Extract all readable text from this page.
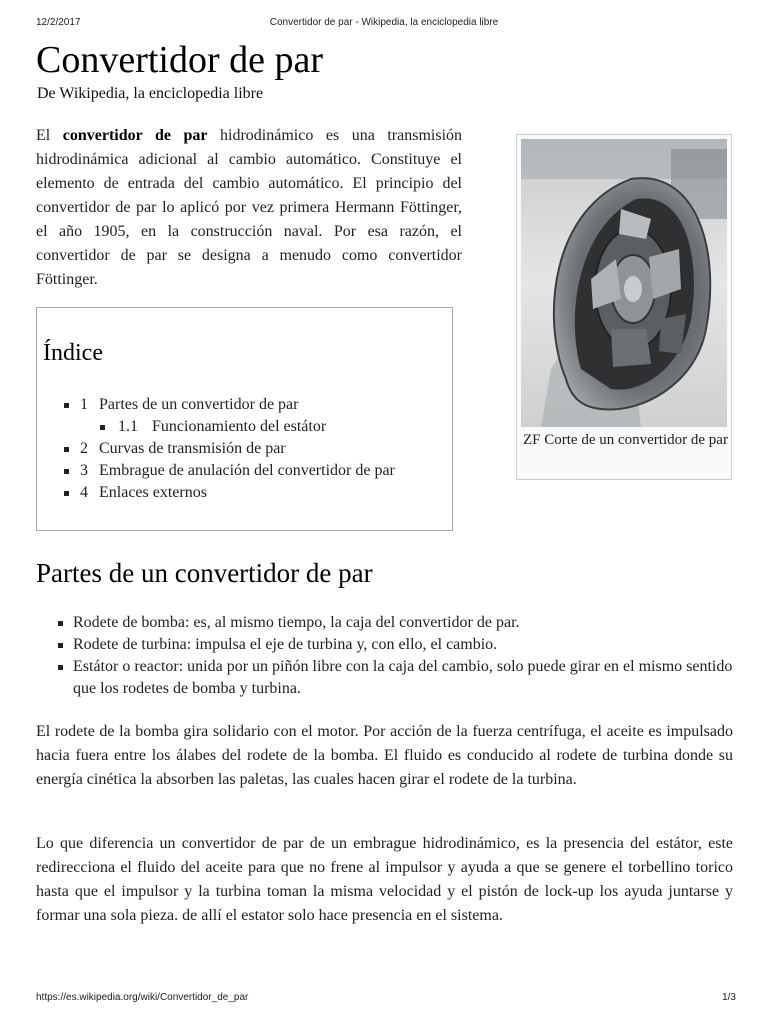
12/2/2017	Convertidor de par - Wikipedia, la enciclopedia libre
Convertidor de par

De Wikipedia, la enciclopedia libre

El convertidor de par hidrodinámico es una transmisión hidrodinámica adicional al cambio automático. Constituye el elemento de entrada del cambio automático. El principio del convertidor de par lo aplicó por vez primera Hermann Föttinger, el año 1905, en la construcción naval. Por esa razón, el convertidor de par se designa a menudo como convertidor Föttinger.

ZF Corte de un convertidor de par
Índice
1 Partes de un convertidor de par
1.1 Funcionamiento del estátor
2 Curvas de transmisión de par
3 Embrague de anulación del convertidor de par
4 Enlaces externos
Partes de un convertidor de par
Rodete de bomba: es, al mismo tiempo, la caja del convertidor de par.
Rodete de turbina: impulsa el eje de turbina y, con ello, el cambio.
Estátor o reactor: unida por un piñón libre con la caja del cambio, solo puede girar en el mismo sentido que los rodetes de bomba y turbina.

El rodete de la bomba gira solidario con el motor. Por acción de la fuerza centrífuga, el aceite es impulsado hacia fuera entre los álabes del rodete de la bomba. El fluido es conducido al rodete de turbina donde su energía cinética la absorben las paletas, las cuales hacen girar el rodete de la turbina.

Lo que diferencia un convertidor de par de un embrague hidrodinámico, es la presencia del estátor, este redirecciona el fluido del aceite para que no frene al impulsor y ayuda a que se genere el torbellino torico hasta que el impulsor y la turbina toman la misma velocidad y el pistón de lock-up los ayuda juntarse y formar una sola pieza. de allí el estator solo hace presencia en el sistema.

https://es.wikipedia.org/wiki/Convertidor_de_par	1/3
